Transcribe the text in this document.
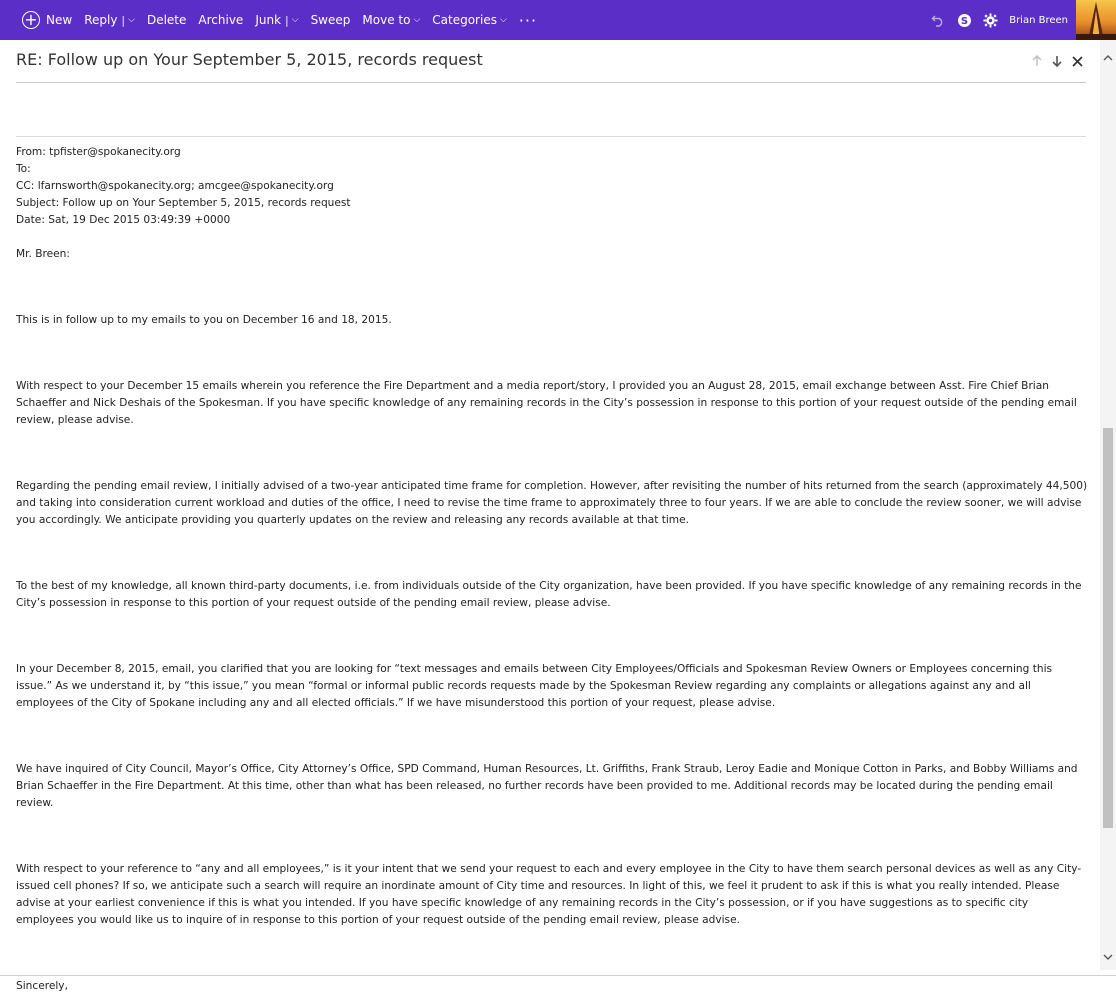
+ New Reply | ⌵ Delete Archive Junk | ⌵ Sweep Move to ⌵ Categories ⌵ ···	S	Brian Breen
RE: Follow up on Your September 5, 2015, records request

From: tpfister@spokanecity.org

To:

CC: lfarnsworth@spokanecity.org; amcgee@spokanecity.org

Subject: Follow up on Your September 5, 2015, records request

Date: Sat, 19 Dec 2015 03:49:39 +0000

Mr. Breen:

This is in follow up to my emails to you on December 16 and 18, 2015.

With respect to your December 15 emails wherein you reference the Fire Department and a media report/story, I provided you an August 28, 2015, email exchange between Asst. Fire Chief Brian Schaeffer and Nick Deshais of the Spokesman. If you have specific knowledge of any remaining records in the City’s possession in response to this portion of your request outside of the pending email review, please advise.

Regarding the pending email review, I initially advised of a two-year anticipated time frame for completion. However, after revisiting the number of hits returned from the search (approximately 44,500) and taking into consideration current workload and duties of the office, I need to revise the time frame to approximately three to four years. If we are able to conclude the review sooner, we will advise you accordingly. We anticipate providing you quarterly updates on the review and releasing any records available at that time.

To the best of my knowledge, all known third-party documents, i.e. from individuals outside of the City organization, have been provided. If you have specific knowledge of any remaining records in the City’s possession in response to this portion of your request outside of the pending email review, please advise.

In your December 8, 2015, email, you clarified that you are looking for “text messages and emails between City Employees/Officials and Spokesman Review Owners or Employees concerning this issue.” As we understand it, by “this issue,” you mean “formal or informal public records requests made by the Spokesman Review regarding any complaints or allegations against any and all employees of the City of Spokane including any and all elected officials.” If we have misunderstood this portion of your request, please advise.

We have inquired of City Council, Mayor’s Office, City Attorney’s Office, SPD Command, Human Resources, Lt. Griffiths, Frank Straub, Leroy Eadie and Monique Cotton in Parks, and Bobby Williams and Brian Schaeffer in the Fire Department. At this time, other than what has been released, no further records have been provided to me. Additional records may be located during the pending email review.

With respect to your reference to “any and all employees,” is it your intent that we send your request to each and every employee in the City to have them search personal devices as well as any City-issued cell phones? If so, we anticipate such a search will require an inordinate amount of City time and resources. In light of this, we feel it prudent to ask if this is what you really intended. Please advise at your earliest convenience if this is what you intended. If you have specific knowledge of any remaining records in the City’s possession, or if you have suggestions as to specific city employees you would like us to inquire of in response to this portion of your request outside of the pending email review, please advise.

Sincerely,
